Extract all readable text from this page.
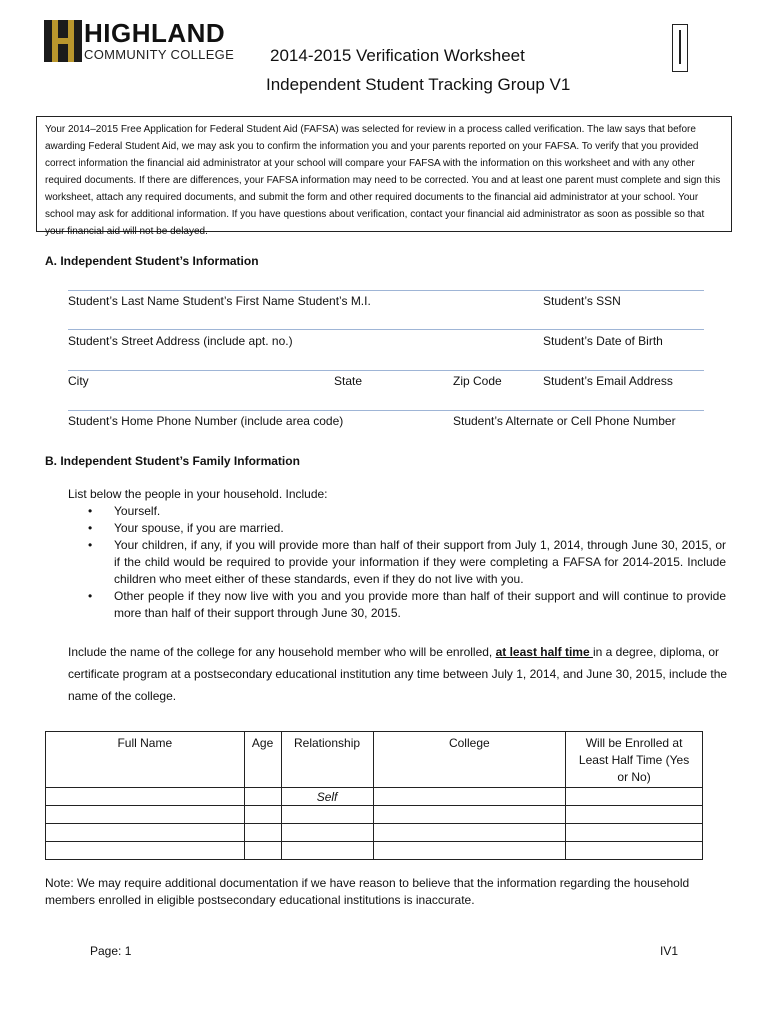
HIGHLAND
COMMUNITY COLLEGE 2014-2015 Verification Worksheet
Independent Student Tracking Group V1
Your 2014–2015 Free Application for Federal Student Aid (FAFSA) was selected for review in a process called verification. The law says that before awarding Federal Student Aid, we may ask you to confirm the information you and your parents reported on your FAFSA. To verify that you provided correct information the financial aid administrator at your school will compare your FAFSA with the information on this worksheet and with any other required documents. If there are differences, your FAFSA information may need to be corrected. You and at least one parent must complete and sign this worksheet, attach any required documents, and submit the form and other required documents to the financial aid administrator at your school. Your school may ask for additional information. If you have questions about verification, contact your financial aid administrator as soon as possible so that your financial aid will not be delayed.
A. Independent Student’s Information
Student’s Last Name Student’s First Name Student’s M.I.	Student’s SSN
Student’s Street Address (include apt. no.)	Student’s Date of Birth
City	State	Zip Code	Student’s Email Address
Student’s Home Phone Number (include area code)	Student’s Alternate or Cell Phone Number
B. Independent Student’s Family Information
List below the people in your household. Include:
• Yourself.
• Your spouse, if you are married.
• Your children, if any, if you will provide more than half of their support from July 1, 2014, through June 30, 2015, or if the child would be required to provide your information if they were completing a FAFSA for 2014-2015. Include children who meet either of these standards, even if they do not live with you.
• Other people if they now live with you and you provide more than half of their support and will continue to provide more than half of their support through June 30, 2015.
Include the name of the college for any household member who will be enrolled, at least half time in a degree, diploma, or certificate program at a postsecondary educational institution any time between July 1, 2014, and June 30, 2015, include the name of the college.
Full Name	Age	Relationship	College	Will be Enrolled at Least Half Time (Yes or No)
		Self		

Note: We may require additional documentation if we have reason to believe that the information regarding the household members enrolled in eligible postsecondary educational institutions is inaccurate.
Page: 1	IV1
